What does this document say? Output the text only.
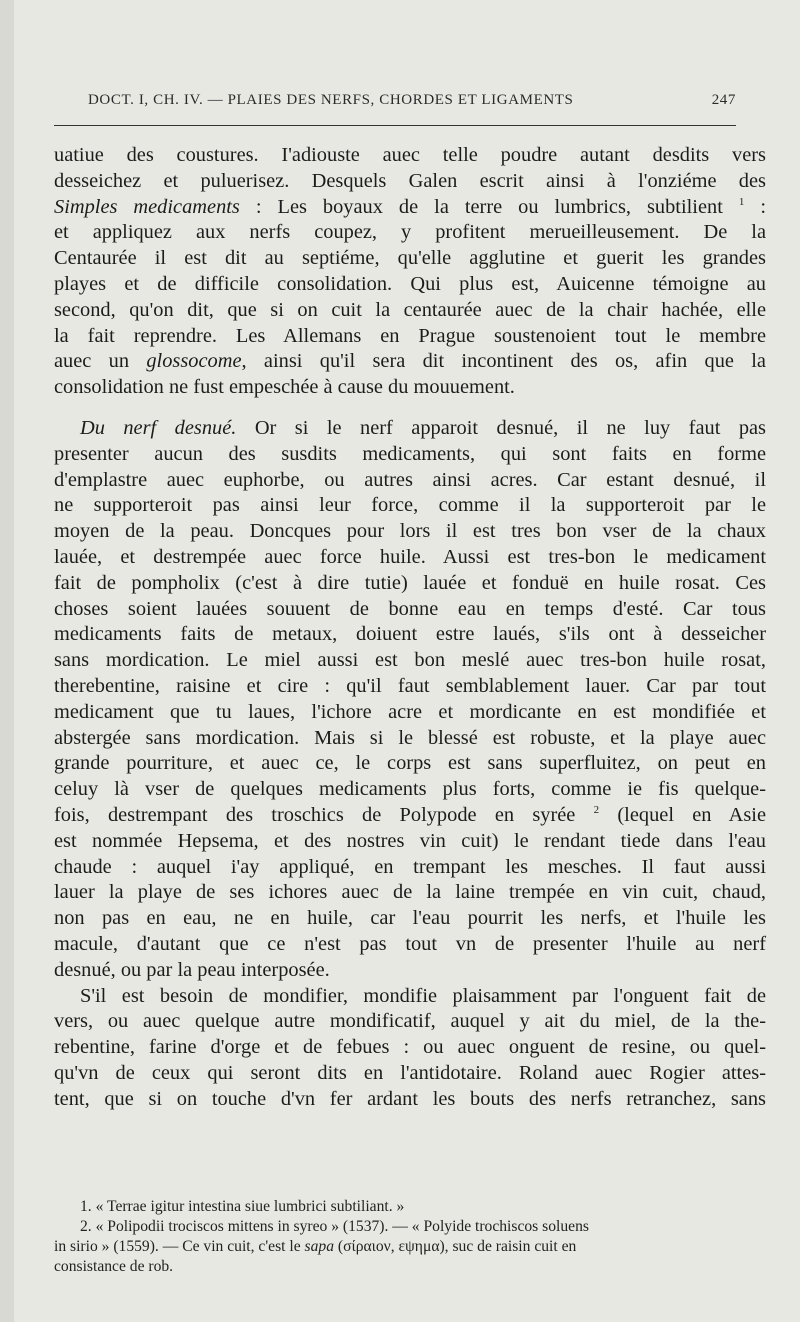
DOCT. I, CH. IV. — PLAIES DES NERFS, CHORDES ET LIGAMENTS	247

uatiue des coustures. I'adiouste auec telle poudre autant desdits vers
desseichez et puluerisez. Desquels Galen escrit ainsi à l'onziéme des
Simples medicaments : Les boyaux de la terre ou lumbrics, subtilient $^1$ :
et appliquez aux nerfs coupez, y profitent merueilleusement. De la
Centaurée il est dit au septiéme, qu'elle agglutine et guerit les grandes
playes et de difficile consolidation. Qui plus est, Auicenne témoigne au
second, qu'on dit, que si on cuit la centaurée auec de la chair hachée, elle
la fait reprendre. Les Allemans en Prague soustenoient tout le membre
auec un glossocome, ainsi qu'il sera dit incontinent des os, afin que la
consolidation ne fust empeschée à cause du mouuement.

Du nerf desnué. Or si le nerf apparoit desnué, il ne luy faut pas
presenter aucun des susdits medicaments, qui sont faits en forme
d'emplastre auec euphorbe, ou autres ainsi acres. Car estant desnué, il
ne supporteroit pas ainsi leur force, comme il la supporteroit par le
moyen de la peau. Doncques pour lors il est tres bon vser de la chaux
lauée, et destrempée auec force huile. Aussi est tres-bon le medicament
fait de pompholix (c'est à dire tutie) lauée et fonduë en huile rosat. Ces
choses soient lauées souuent de bonne eau en temps d'esté. Car tous
medicaments faits de metaux, doiuent estre laués, s'ils ont à desseicher
sans mordication. Le miel aussi est bon meslé auec tres-bon huile rosat,
therebentine, raisine et cire : qu'il faut semblablement lauer. Car par tout
medicament que tu laues, l'ichore acre et mordicante en est mondifiée et
abstergée sans mordication. Mais si le blessé est robuste, et la playe auec
grande pourriture, et auec ce, le corps est sans superfluitez, on peut en
celuy là vser de quelques medicaments plus forts, comme ie fis quelque-
fois, destrempant des troschics de Polypode en syrée $^2$ (lequel en Asie
est nommée Hepsema, et des nostres vin cuit) le rendant tiede dans l'eau
chaude : auquel i'ay appliqué, en trempant les mesches. Il faut aussi
lauer la playe de ses ichores auec de la laine trempée en vin cuit, chaud,
non pas en eau, ne en huile, car l'eau pourrit les nerfs, et l'huile les
macule, d'autant que ce n'est pas tout vn de presenter l'huile au nerf
desnué, ou par la peau interposée.

S'il est besoin de mondifier, mondifie plaisamment par l'onguent fait de
vers, ou auec quelque autre mondificatif, auquel y ait du miel, de la the-
rebentine, farine d'orge et de febues : ou auec onguent de resine, ou quel-
qu'vn de ceux qui seront dits en l'antidotaire. Roland auec Rogier attes-
tent, que si on touche d'vn fer ardant les bouts des nerfs retranchez, sans

1. « Terrae igitur intestina siue lumbrici subtiliant. »
2. « Polipodii trociscos mittens in syreo » (1537). — « Polyide trochiscos soluens
in sirio » (1559). — Ce vin cuit, c'est le sapa (σίραιον, εψημα), suc de raisin cuit en
consistance de rob.
